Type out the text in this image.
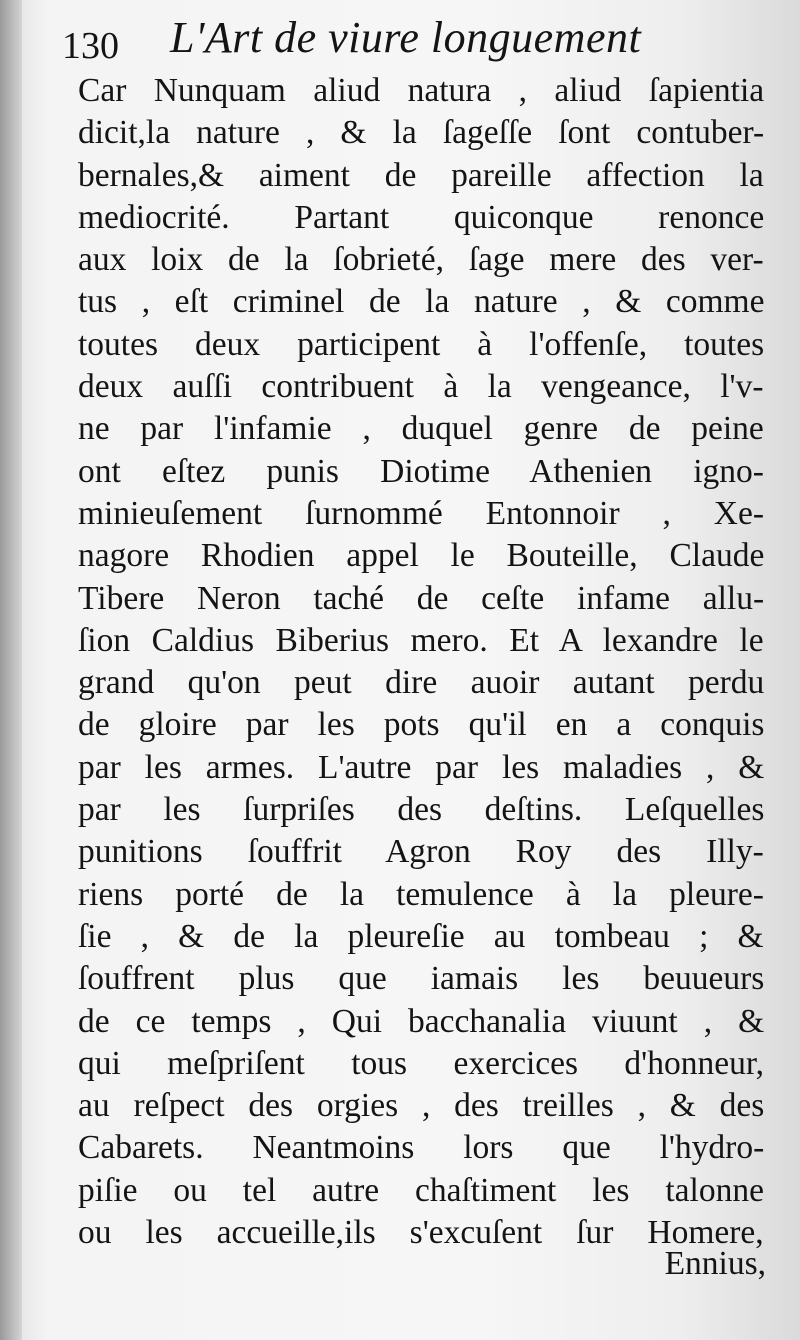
130 L'Art de viure longuement
Car Nunquam aliud natura , aliud ſapientia
dicit,la nature , & la ſageſſe ſont contuber-
bernales,& aiment de pareille affection la
mediocrité. Partant quiconque renonce
aux loix de la ſobrieté, ſage mere des ver-
tus , eſt criminel de la nature , & comme
toutes deux participent à l'offenſe, toutes
deux auſſi contribuent à la vengeance, l'v-
ne par l'infamie , duquel genre de peine
ont eſtez punis Diotime Athenien igno-
minieuſement ſurnommé Entonnoir , Xe-
nagore Rhodien appel le Bouteille, Claude
Tibere Neron taché de ceſte infame allu-
ſion Caldius Biberius mero. Et A lexandre le
grand qu'on peut dire auoir autant perdu
de gloire par les pots qu'il en a conquis
par les armes. L'autre par les maladies , &
par les ſurpriſes des deſtins. Leſquelles
punitions ſouffrit Agron Roy des Illy-
riens porté de la temulence à la pleure-
ſie , & de la pleureſie au tombeau ; &
ſouffrent plus que iamais les beuueurs
de ce temps , Qui bacchanalia viuunt , &
qui meſpriſent tous exercices d'honneur,
au reſpect des orgies , des treilles , & des
Cabarets. Neantmoins lors que l'hydro-
piſie ou tel autre chaſtiment les talonne
ou les accueille,ils s'excuſent ſur Homere,
Ennius,
